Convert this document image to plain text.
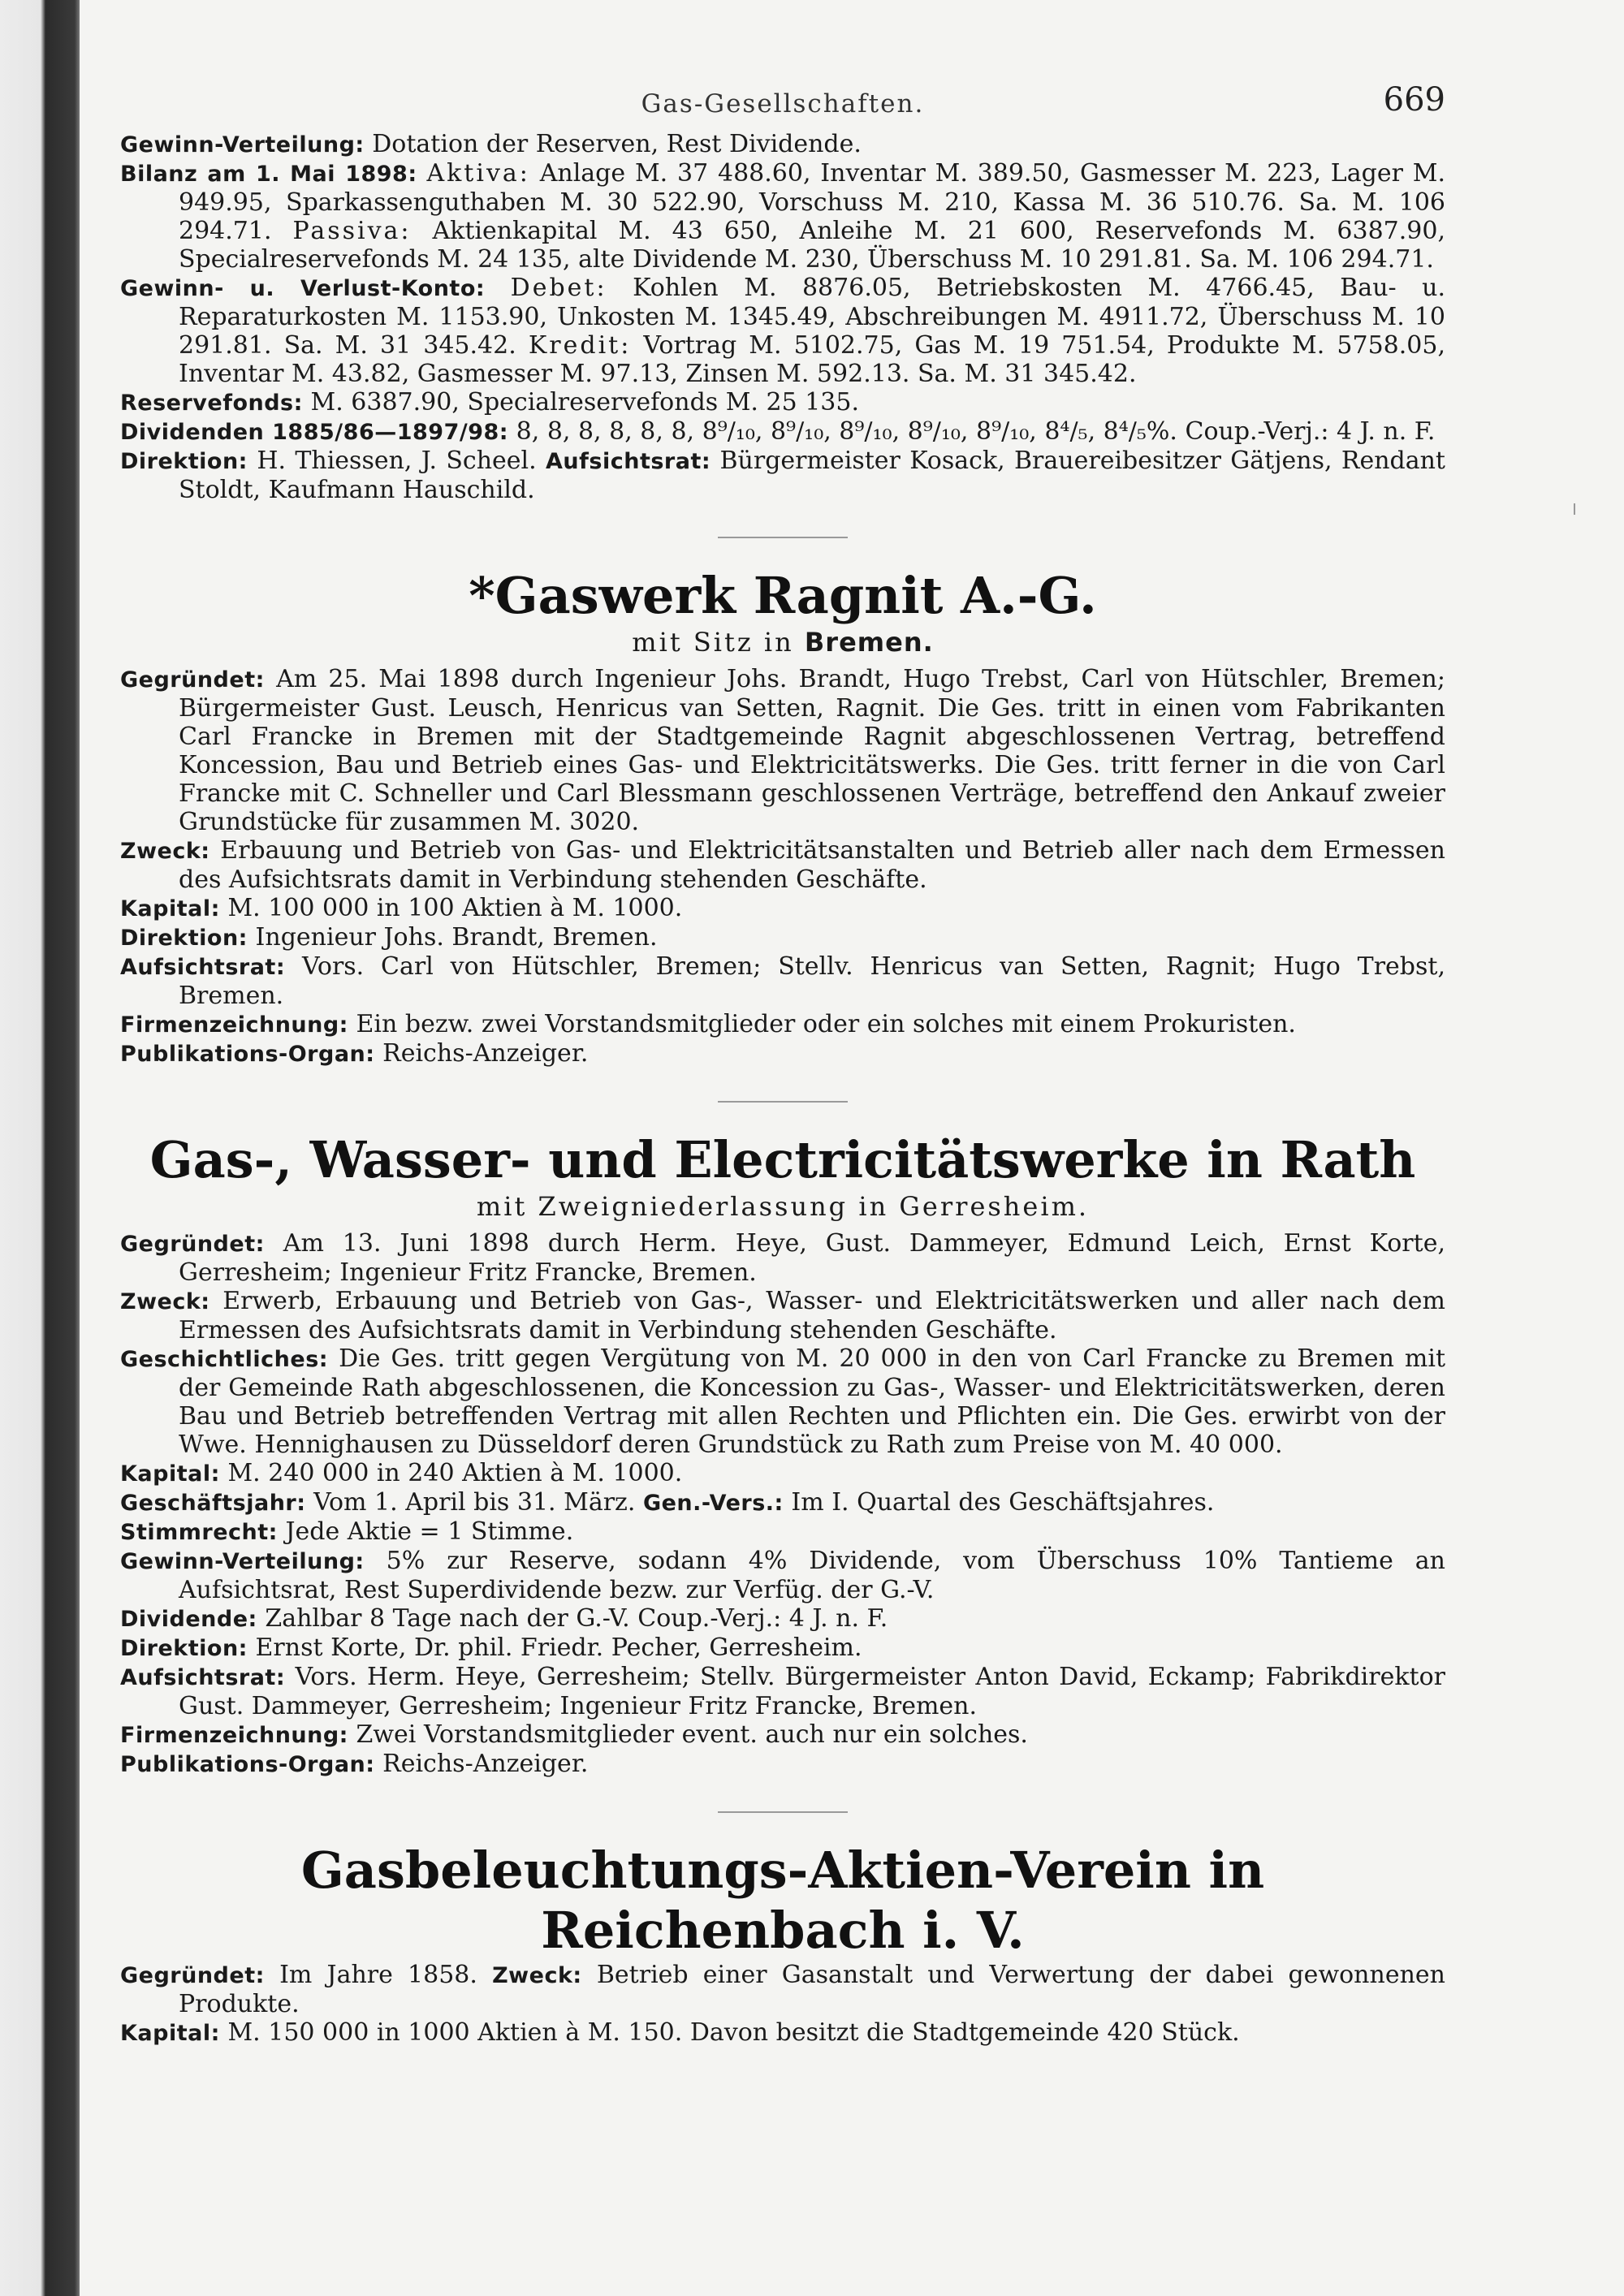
Gas-Gesellschaften.	669

Gewinn-Verteilung: Dotation der Reserven, Rest Dividende.

Bilanz am 1. Mai 1898: Aktiva: Anlage M. 37 488.60, Inventar M. 389.50, Gasmesser M. 223, Lager M. 949.95, Sparkassenguthaben M. 30 522.90, Vorschuss M. 210, Kassa M. 36 510.76. Sa. M. 106 294.71. Passiva: Aktienkapital M. 43 650, Anleihe M. 21 600, Reservefonds M. 6387.90, Specialreservefonds M. 24 135, alte Dividende M. 230, Überschuss M. 10 291.81. Sa. M. 106 294.71.

Gewinn- u. Verlust-Konto: Debet: Kohlen M. 8876.05, Betriebskosten M. 4766.45, Bau- u. Reparaturkosten M. 1153.90, Unkosten M. 1345.49, Abschreibungen M. 4911.72, Überschuss M. 10 291.81. Sa. M. 31 345.42. Kredit: Vortrag M. 5102.75, Gas M. 19 751.54, Produkte M. 5758.05, Inventar M. 43.82, Gasmesser M. 97.13, Zinsen M. 592.13. Sa. M. 31 345.42.

Reservefonds: M. 6387.90, Specialreservefonds M. 25 135.

Dividenden 1885/86—1897/98: 8, 8, 8, 8, 8, 8, 8⁹/₁₀, 8⁹/₁₀, 8⁹/₁₀, 8⁹/₁₀, 8⁹/₁₀, 8⁴/₅, 8⁴/₅%. Coup.-Verj.: 4 J. n. F.

Direktion: H. Thiessen, J. Scheel. Aufsichtsrat: Bürgermeister Kosack, Brauereibesitzer Gätjens, Rendant Stoldt, Kaufmann Hauschild.

*Gaswerk Ragnit A.-G.

mit Sitz in Bremen.

Gegründet: Am 25. Mai 1898 durch Ingenieur Johs. Brandt, Hugo Trebst, Carl von Hütschler, Bremen; Bürgermeister Gust. Leusch, Henricus van Setten, Ragnit. Die Ges. tritt in einen vom Fabrikanten Carl Francke in Bremen mit der Stadtgemeinde Ragnit abgeschlossenen Vertrag, betreffend Koncession, Bau und Betrieb eines Gas- und Elektricitätswerks. Die Ges. tritt ferner in die von Carl Francke mit C. Schneller und Carl Blessmann geschlossenen Verträge, betreffend den Ankauf zweier Grundstücke für zusammen M. 3020.

Zweck: Erbauung und Betrieb von Gas- und Elektricitätsanstalten und Betrieb aller nach dem Ermessen des Aufsichtsrats damit in Verbindung stehenden Geschäfte.

Kapital: M. 100 000 in 100 Aktien à M. 1000.

Direktion: Ingenieur Johs. Brandt, Bremen.

Aufsichtsrat: Vors. Carl von Hütschler, Bremen; Stellv. Henricus van Setten, Ragnit; Hugo Trebst, Bremen.

Firmenzeichnung: Ein bezw. zwei Vorstandsmitglieder oder ein solches mit einem Prokuristen.

Publikations-Organ: Reichs-Anzeiger.

Gas-, Wasser- und Electricitätswerke in Rath

mit Zweigniederlassung in Gerresheim.

Gegründet: Am 13. Juni 1898 durch Herm. Heye, Gust. Dammeyer, Edmund Leich, Ernst Korte, Gerresheim; Ingenieur Fritz Francke, Bremen.

Zweck: Erwerb, Erbauung und Betrieb von Gas-, Wasser- und Elektricitätswerken und aller nach dem Ermessen des Aufsichtsrats damit in Verbindung stehenden Geschäfte.

Geschichtliches: Die Ges. tritt gegen Vergütung von M. 20 000 in den von Carl Francke zu Bremen mit der Gemeinde Rath abgeschlossenen, die Koncession zu Gas-, Wasser- und Elektricitätswerken, deren Bau und Betrieb betreffenden Vertrag mit allen Rechten und Pflichten ein. Die Ges. erwirbt von der Wwe. Hennighausen zu Düsseldorf deren Grundstück zu Rath zum Preise von M. 40 000.

Kapital: M. 240 000 in 240 Aktien à M. 1000.

Geschäftsjahr: Vom 1. April bis 31. März. Gen.-Vers.: Im I. Quartal des Geschäftsjahres.

Stimmrecht: Jede Aktie = 1 Stimme.

Gewinn-Verteilung: 5% zur Reserve, sodann 4% Dividende, vom Überschuss 10% Tantieme an Aufsichtsrat, Rest Superdividende bezw. zur Verfüg. der G.-V.

Dividende: Zahlbar 8 Tage nach der G.-V. Coup.-Verj.: 4 J. n. F.

Direktion: Ernst Korte, Dr. phil. Friedr. Pecher, Gerresheim.

Aufsichtsrat: Vors. Herm. Heye, Gerresheim; Stellv. Bürgermeister Anton David, Eckamp; Fabrikdirektor Gust. Dammeyer, Gerresheim; Ingenieur Fritz Francke, Bremen.

Firmenzeichnung: Zwei Vorstandsmitglieder event. auch nur ein solches.

Publikations-Organ: Reichs-Anzeiger.

Gasbeleuchtungs-Aktien-Verein in Reichenbach i. V.

Gegründet: Im Jahre 1858. Zweck: Betrieb einer Gasanstalt und Verwertung der dabei gewonnenen Produkte.

Kapital: M. 150 000 in 1000 Aktien à M. 150. Davon besitzt die Stadtgemeinde 420 Stück.
